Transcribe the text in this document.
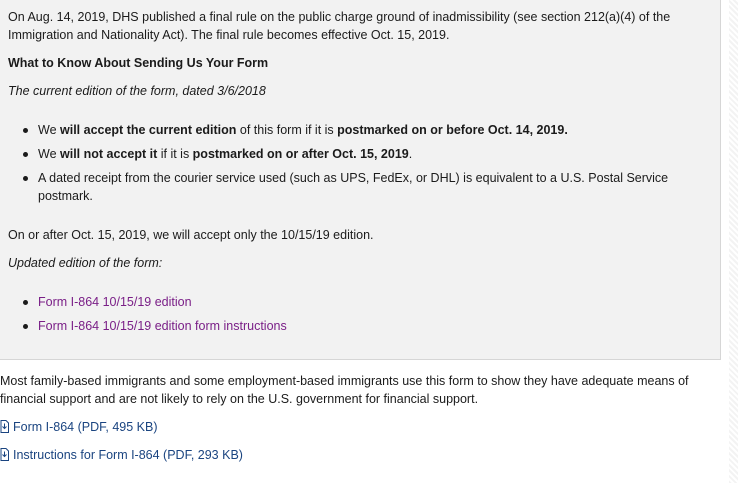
On Aug. 14, 2019, DHS published a final rule on the public charge ground of inadmissibility (see section 212(a)(4) of the Immigration and Nationality Act). The final rule becomes effective Oct. 15, 2019.

What to Know About Sending Us Your Form

The current edition of the form, dated 3/6/2018

We will accept the current edition of this form if it is postmarked on or before Oct. 14, 2019.
We will not accept it if it is postmarked on or after Oct. 15, 2019.
A dated receipt from the courier service used (such as UPS, FedEx, or DHL) is equivalent to a U.S. Postal Service postmark.

On or after Oct. 15, 2019, we will accept only the 10/15/19 edition.

Updated edition of the form:

Form I-864 10/15/19 edition
Form I-864 10/15/19 edition form instructions

Most family-based immigrants and some employment-based immigrants use this form to show they have adequate means of financial support and are not likely to rely on the U.S. government for financial support.

Form I-864 (PDF, 495 KB)
Instructions for Form I-864 (PDF, 293 KB)
